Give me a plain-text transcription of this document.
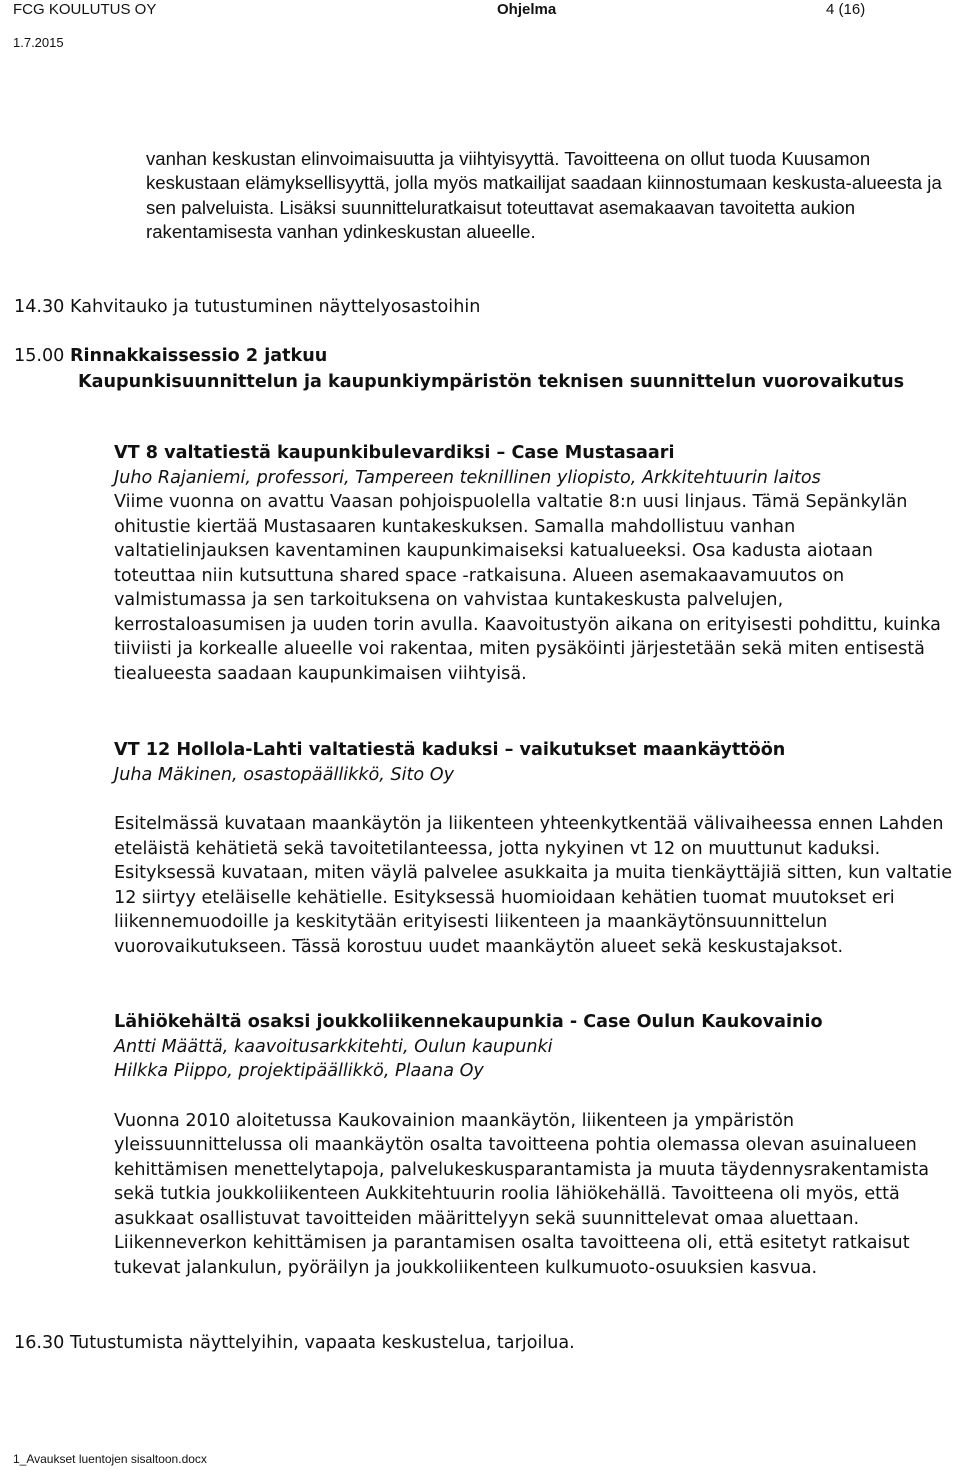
FCG KOULUTUS OY	Ohjelma	4 (16)
1.7.2015

vanhan keskustan elinvoimaisuutta ja viihtyisyyttä. Tavoitteena on ollut tuoda Kuusamon keskustaan elämyksellisyyttä, jolla myös matkailijat saadaan kiinnostumaan keskusta-alueesta ja sen palveluista. Lisäksi suunnitteluratkaisut toteuttavat asemakaavan tavoitetta aukion rakentamisesta vanhan ydinkeskustan alueelle.

14.30 Kahvitauko ja tutustuminen näyttelyosastoihin

15.00 Rinnakkaissessio 2 jatkuu

Kaupunkisuunnittelun ja kaupunkiympäristön teknisen suunnittelun vuorovaikutus

VT 8 valtatiestä kaupunkibulevardiksi – Case Mustasaari
Juho Rajaniemi, professori, Tampereen teknillinen yliopisto, Arkkitehtuurin laitos
Viime vuonna on avattu Vaasan pohjoispuolella valtatie 8:n uusi linjaus. Tämä Sepänkylän ohitustie kiertää Mustasaaren kuntakeskuksen. Samalla mahdollistuu vanhan valtatielinjauksen kaventaminen kaupunkimaiseksi katualueeksi. Osa kadusta aiotaan toteuttaa niin kutsuttuna shared space -ratkaisuna. Alueen asemakaavamuutos on valmistumassa ja sen tarkoituksena on vahvistaa kuntakeskusta palvelujen, kerrostaloasumisen ja uuden torin avulla. Kaavoitustyön aikana on erityisesti pohdittu, kuinka tiiviisti ja korkealle alueelle voi rakentaa, miten pysäköinti järjestetään sekä miten entisestä tiealueesta saadaan kaupunkimaisen viihtyisä.
VT 12 Hollola-Lahti valtatiestä kaduksi – vaikutukset maankäyttöön
Juha Mäkinen, osastopäällikkö, Sito Oy
Esitelmässä kuvataan maankäytön ja liikenteen yhteenkytkentää välivaiheessa ennen Lahden eteläistä kehätietä sekä tavoitetilanteessa, jotta nykyinen vt 12 on muuttunut kaduksi. Esityksessä kuvataan, miten väylä palvelee asukkaita ja muita tienkäyttäjiä sitten, kun valtatie 12 siirtyy eteläiselle kehätielle. Esityksessä huomioidaan kehätien tuomat muutokset eri liikennemuodoille ja keskitytään erityisesti liikenteen ja maankäytönsuunnittelun vuorovaikutukseen. Tässä korostuu uudet maankäytön alueet sekä keskustajaksot.
Lähiökehältä osaksi joukkoliikennekaupunkia - Case Oulun Kaukovainio
Antti Määttä, kaavoitusarkkitehti, Oulun kaupunki
Hilkka Piippo, projektipäällikkö, Plaana Oy
Vuonna 2010 aloitetussa Kaukovainion maankäytön, liikenteen ja ympäristön yleissuunnittelussa oli maankäytön osalta tavoitteena pohtia olemassa olevan asuinalueen kehittämisen menettelytapoja, palvelukeskusparantamista ja muuta täydennysrakentamista sekä tutkia joukkoliikenteen Aukkitehtuurin roolia lähiökehällä. Tavoitteena oli myös, että asukkaat osallistuvat tavoitteiden määrittelyyn sekä suunnittelevat omaa aluettaan. Liikenneverkon kehittämisen ja parantamisen osalta tavoitteena oli, että esitetyt ratkaisut tukevat jalankulun, pyöräilyn ja joukkoliikenteen kulkumuoto-osuuksien kasvua.

16.30 Tutustumista näyttelyihin, vapaata keskustelua, tarjoilua.

1_Avaukset luentojen sisaltoon.docx
